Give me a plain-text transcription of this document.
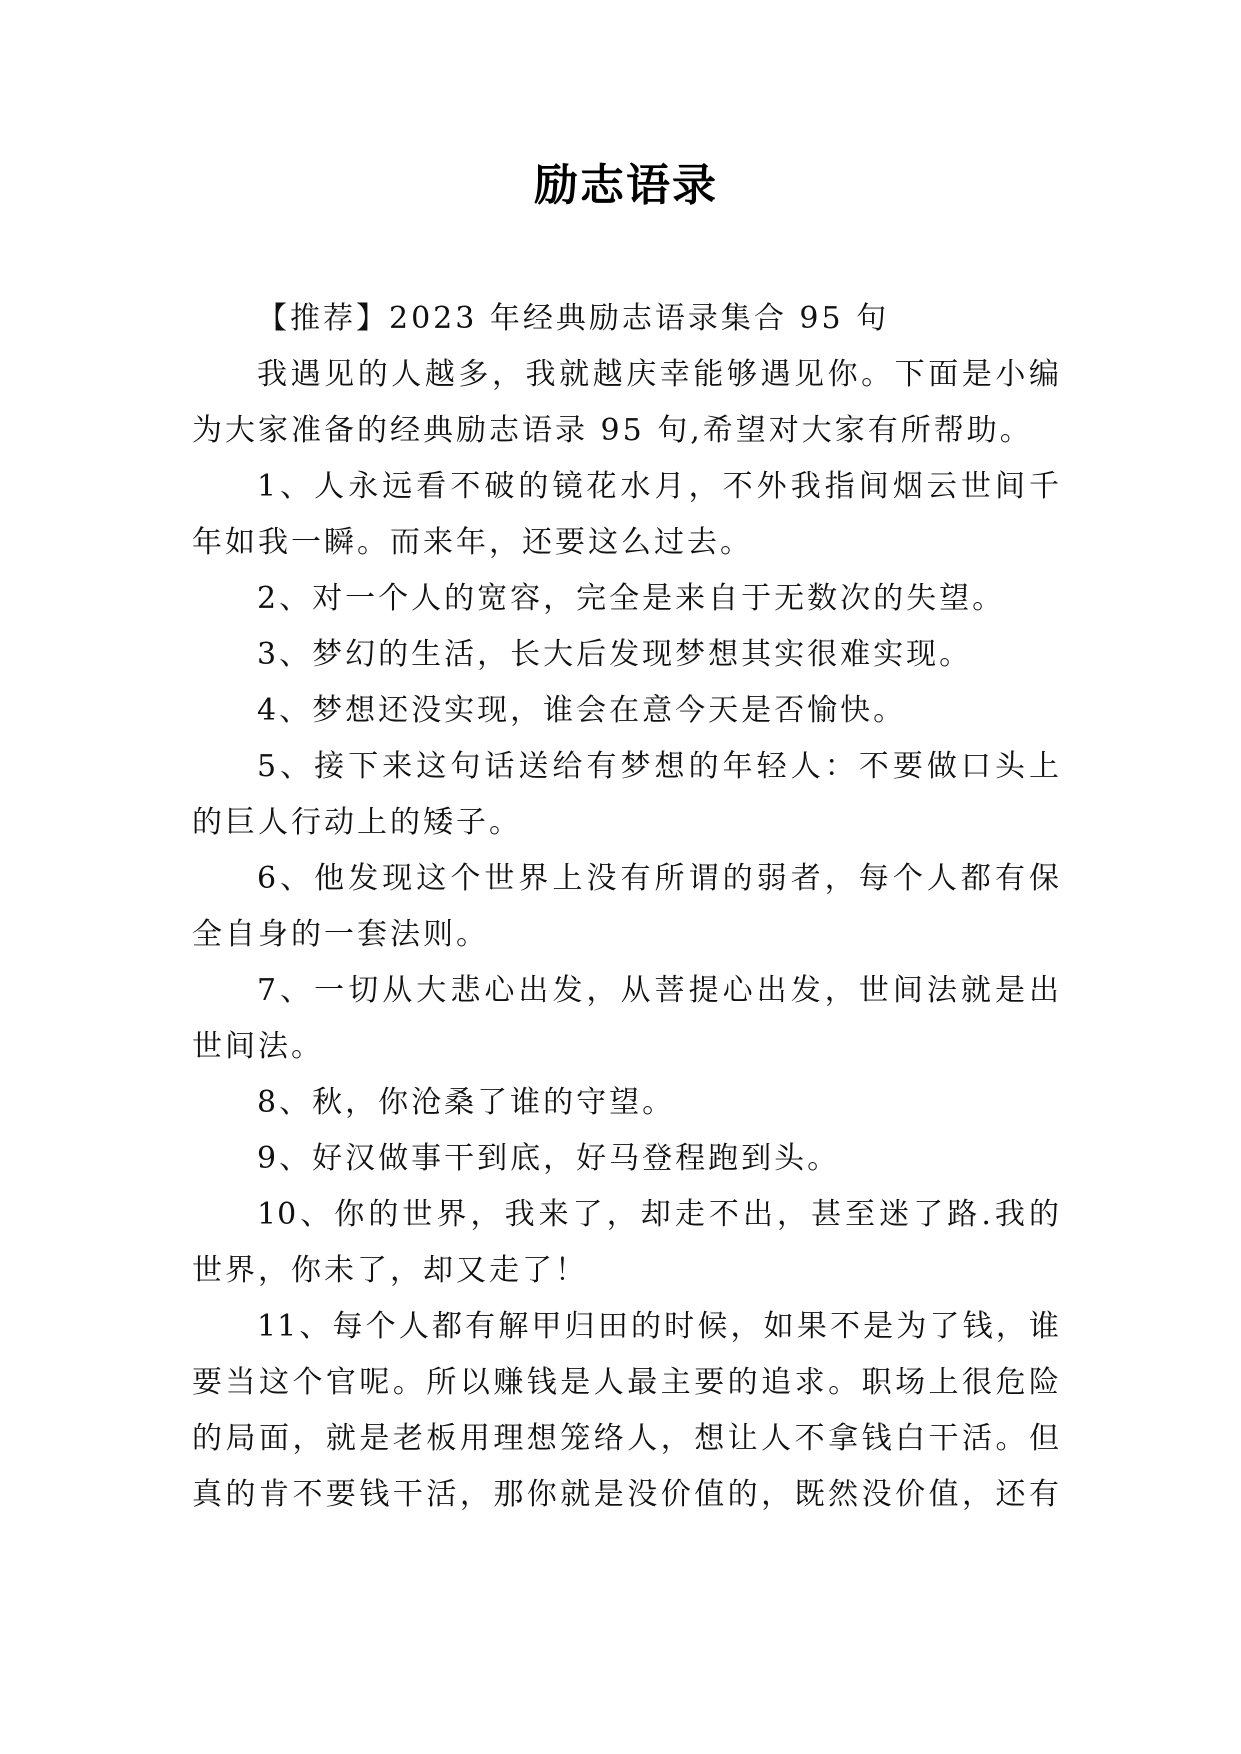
励志语录
【推荐】2023 年经典励志语录集合 95 句
我遇见的人越多，我就越庆幸能够遇见你。下面是小编
为大家准备的经典励志语录 95 句,希望对大家有所帮助。
1、人永远看不破的镜花水月，不外我指间烟云世间千
年如我一瞬。而来年，还要这么过去。
2、对一个人的宽容，完全是来自于无数次的失望。
3、梦幻的生活，长大后发现梦想其实很难实现。
4、梦想还没实现，谁会在意今天是否愉快。
5、接下来这句话送给有梦想的年轻人：不要做口头上
的巨人行动上的矮子。
6、他发现这个世界上没有所谓的弱者，每个人都有保
全自身的一套法则。
7、一切从大悲心出发，从菩提心出发，世间法就是出
世间法。
8、秋，你沧桑了谁的守望。
9、好汉做事干到底，好马登程跑到头。
10、你的世界，我来了，却走不出，甚至迷了路.我的
世界，你未了，却又走了！
11、每个人都有解甲归田的时候，如果不是为了钱，谁
要当这个官呢。所以赚钱是人最主要的追求。职场上很危险
的局面，就是老板用理想笼络人，想让人不拿钱白干活。但
真的肯不要钱干活，那你就是没价值的，既然没价值，还有
